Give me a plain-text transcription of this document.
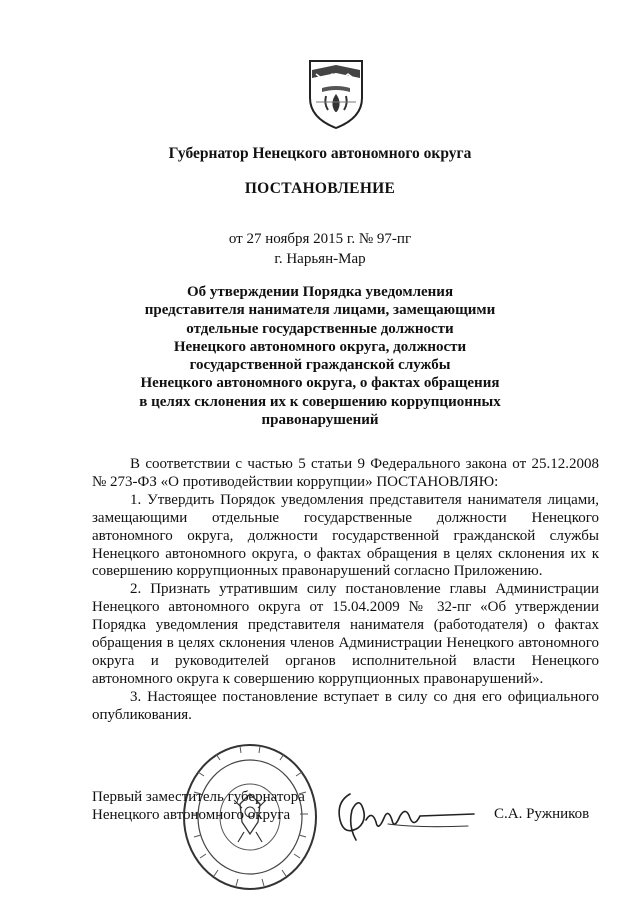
Губернатор Ненецкого автономного округа
ПОСТАНОВЛЕНИЕ
от 27 ноября 2015 г. № 97-пг
г. Нарьян-Мар
Об утверждении Порядка уведомления
представителя нанимателя лицами, замещающими
отдельные государственные должности
Ненецкого автономного округа, должности
государственной гражданской службы
Ненецкого автономного округа, о фактах обращения
в целях склонения их к совершению коррупционных
правонарушений

В соответствии с частью 5 статьи 9 Федерального закона от 25.12.2008 № 273-ФЗ «О противодействии коррупции» ПОСТАНОВЛЯЮ:

1. Утвердить Порядок уведомления представителя нанимателя лицами, замещающими отдельные государственные должности Ненецкого автономного округа, должности государственной гражданской службы Ненецкого автономного округа, о фактах обращения в целях склонения их к совершению коррупционных правонарушений согласно Приложению.

2. Признать утратившим силу постановление главы Администрации Ненецкого автономного округа от 15.04.2009 № 32-пг «Об утверждении Порядка уведомления представителя нанимателя (работодателя) о фактах обращения в целях склонения членов Администрации Ненецкого автономного округа и руководителей органов исполнительной власти Ненецкого автономного округа к совершению коррупционных правонарушений».

3. Настоящее постановление вступает в силу со дня его официального опубликования.

Первый заместитель губернатора
Ненецкого автономного округа	С.А. Ружников
